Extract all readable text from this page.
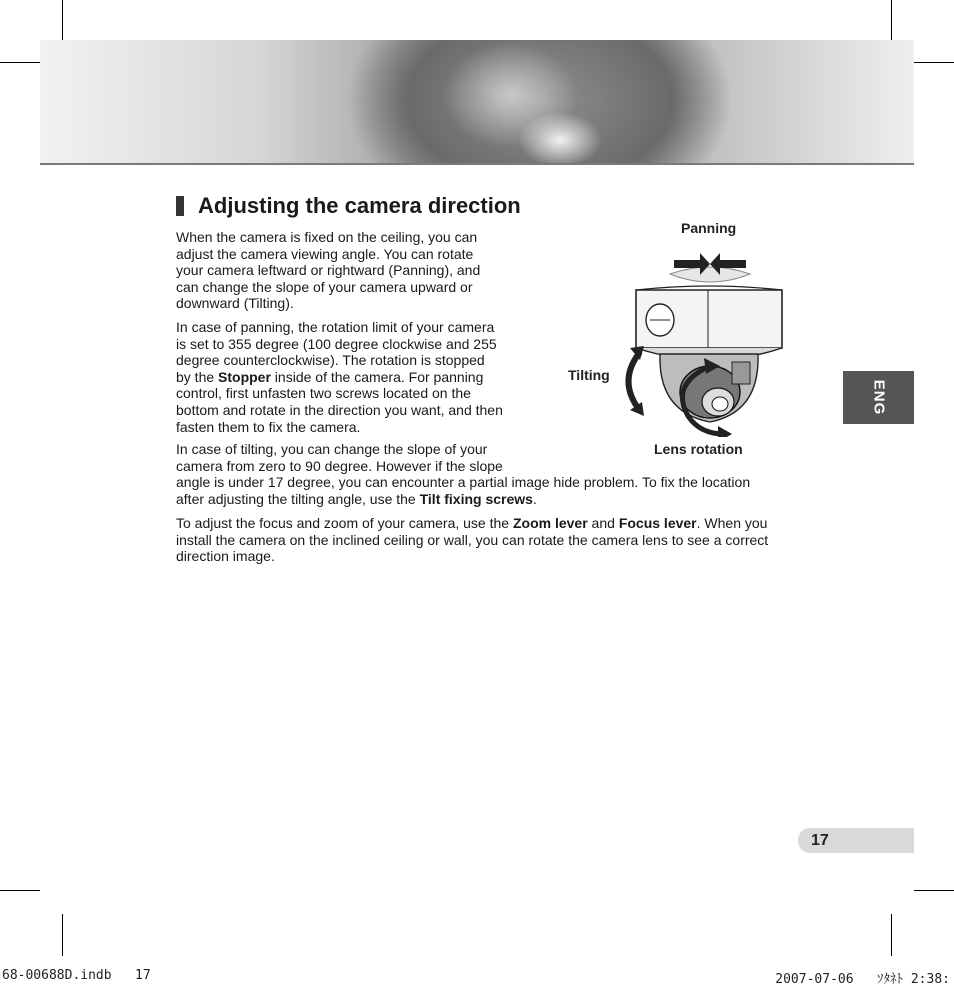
Adjusting the camera direction
When the camera is fixed on the ceiling, you can
adjust the camera viewing angle. You can rotate
your camera leftward or rightward (Panning), and
can change the slope of your camera upward or
downward (Tilting).
In case of panning, the rotation limit of your camera
is set to 355 degree (100 degree clockwise and 255
degree counterclockwise). The rotation is stopped
by the Stopper inside of the camera. For panning
control, first unfasten two screws located on the
bottom and rotate in the direction you want, and then
fasten them to fix the camera.
In case of tilting, you can change the slope of your
camera from zero to 90 degree. However if the slope
angle is under 17 degree, you can encounter a partial image hide problem. To fix the location
after adjusting the tilting angle, use the Tilt fixing screws.
To adjust the focus and zoom of your camera, use the Zoom lever and Focus lever. When you
install the camera on the inclined ceiling or wall, you can rotate the camera lens to see a correct
direction image.
Panning
Tilting
Lens rotation
ENG
17
68-00688D.indb   17	2007-07-06   ｿﾀﾈﾄ 2:38:
